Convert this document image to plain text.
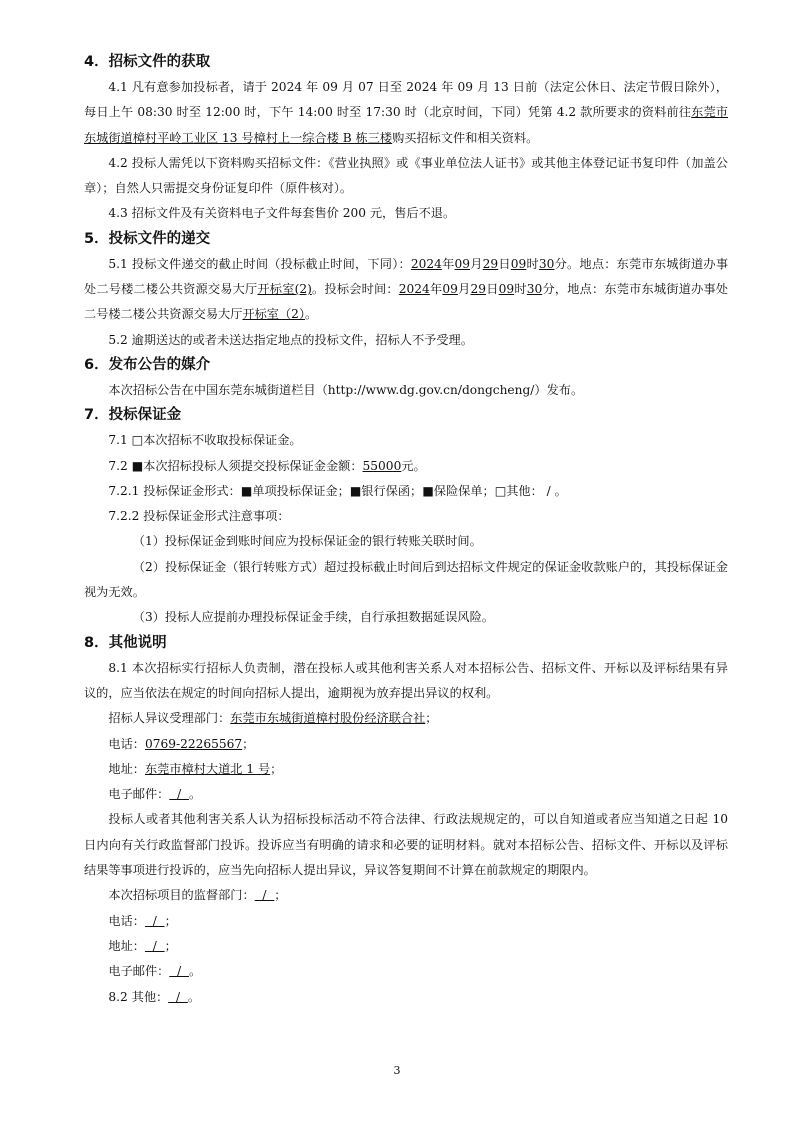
4．招标文件的获取

4.1 凡有意参加投标者，请于 2024 年 09 月 07 日至 2024 年 09 月 13 日前（法定公休日、法定节假日除外），每日上午 08:30 时至 12:00 时，下午 14:00 时至 17:30 时（北京时间，下同）凭第 4.2 款所要求的资料前往东莞市东城街道樟村平岭工业区 13 号樟村上一综合楼 B 栋三楼购买招标文件和相关资料。

4.2 投标人需凭以下资料购买招标文件：《营业执照》或《事业单位法人证书》或其他主体登记证书复印件（加盖公章）；自然人只需提交身份证复印件（原件核对）。

4.3 招标文件及有关资料电子文件每套售价 200 元，售后不退。

5．投标文件的递交

5.1 投标文件递交的截止时间（投标截止时间，下同）：2024年09月29日09时30分。地点：东莞市东城街道办事处二号楼二楼公共资源交易大厅开标室(2)。投标会时间：2024年09月29日09时30分，地点：东莞市东城街道办事处二号楼二楼公共资源交易大厅开标室（2）。

5.2 逾期送达的或者未送达指定地点的投标文件，招标人不予受理。

6．发布公告的媒介

本次招标公告在中国东莞东城街道栏目（http://www.dg.gov.cn/dongcheng/）发布。

7．投标保证金

7.1 □本次招标不收取投标保证金。

7.2 ■本次招标投标人须提交投标保证金金额：55000元。

7.2.1 投标保证金形式：■单项投标保证金；■银行保函；■保险保单；□其他： / 。

7.2.2 投标保证金形式注意事项：

（1）投标保证金到账时间应为投标保证金的银行转账关联时间。

（2）投标保证金（银行转账方式）超过投标截止时间后到达招标文件规定的保证金收款账户的，其投标保证金视为无效。

（3）投标人应提前办理投标保证金手续，自行承担数据延误风险。

8．其他说明

8.1 本次招标实行招标人负责制，潜在投标人或其他利害关系人对本招标公告、招标文件、开标以及评标结果有异议的，应当依法在规定的时间向招标人提出，逾期视为放弃提出异议的权利。

招标人异议受理部门：东莞市东城街道樟村股份经济联合社；

电话：0769-22265567；

地址：东莞市樟村大道北 1 号；

电子邮件：  /  。

投标人或者其他利害关系人认为招标投标活动不符合法律、行政法规规定的，可以自知道或者应当知道之日起 10 日内向有关行政监督部门投诉。投诉应当有明确的请求和必要的证明材料。就对本招标公告、招标文件、开标以及评标结果等事项进行投诉的，应当先向招标人提出异议，异议答复期间不计算在前款规定的期限内。

本次招标项目的监督部门：  /  ；

电话：  /  ；

地址：  /  ；

电子邮件：  /  。

8.2 其他：  /  。

3
